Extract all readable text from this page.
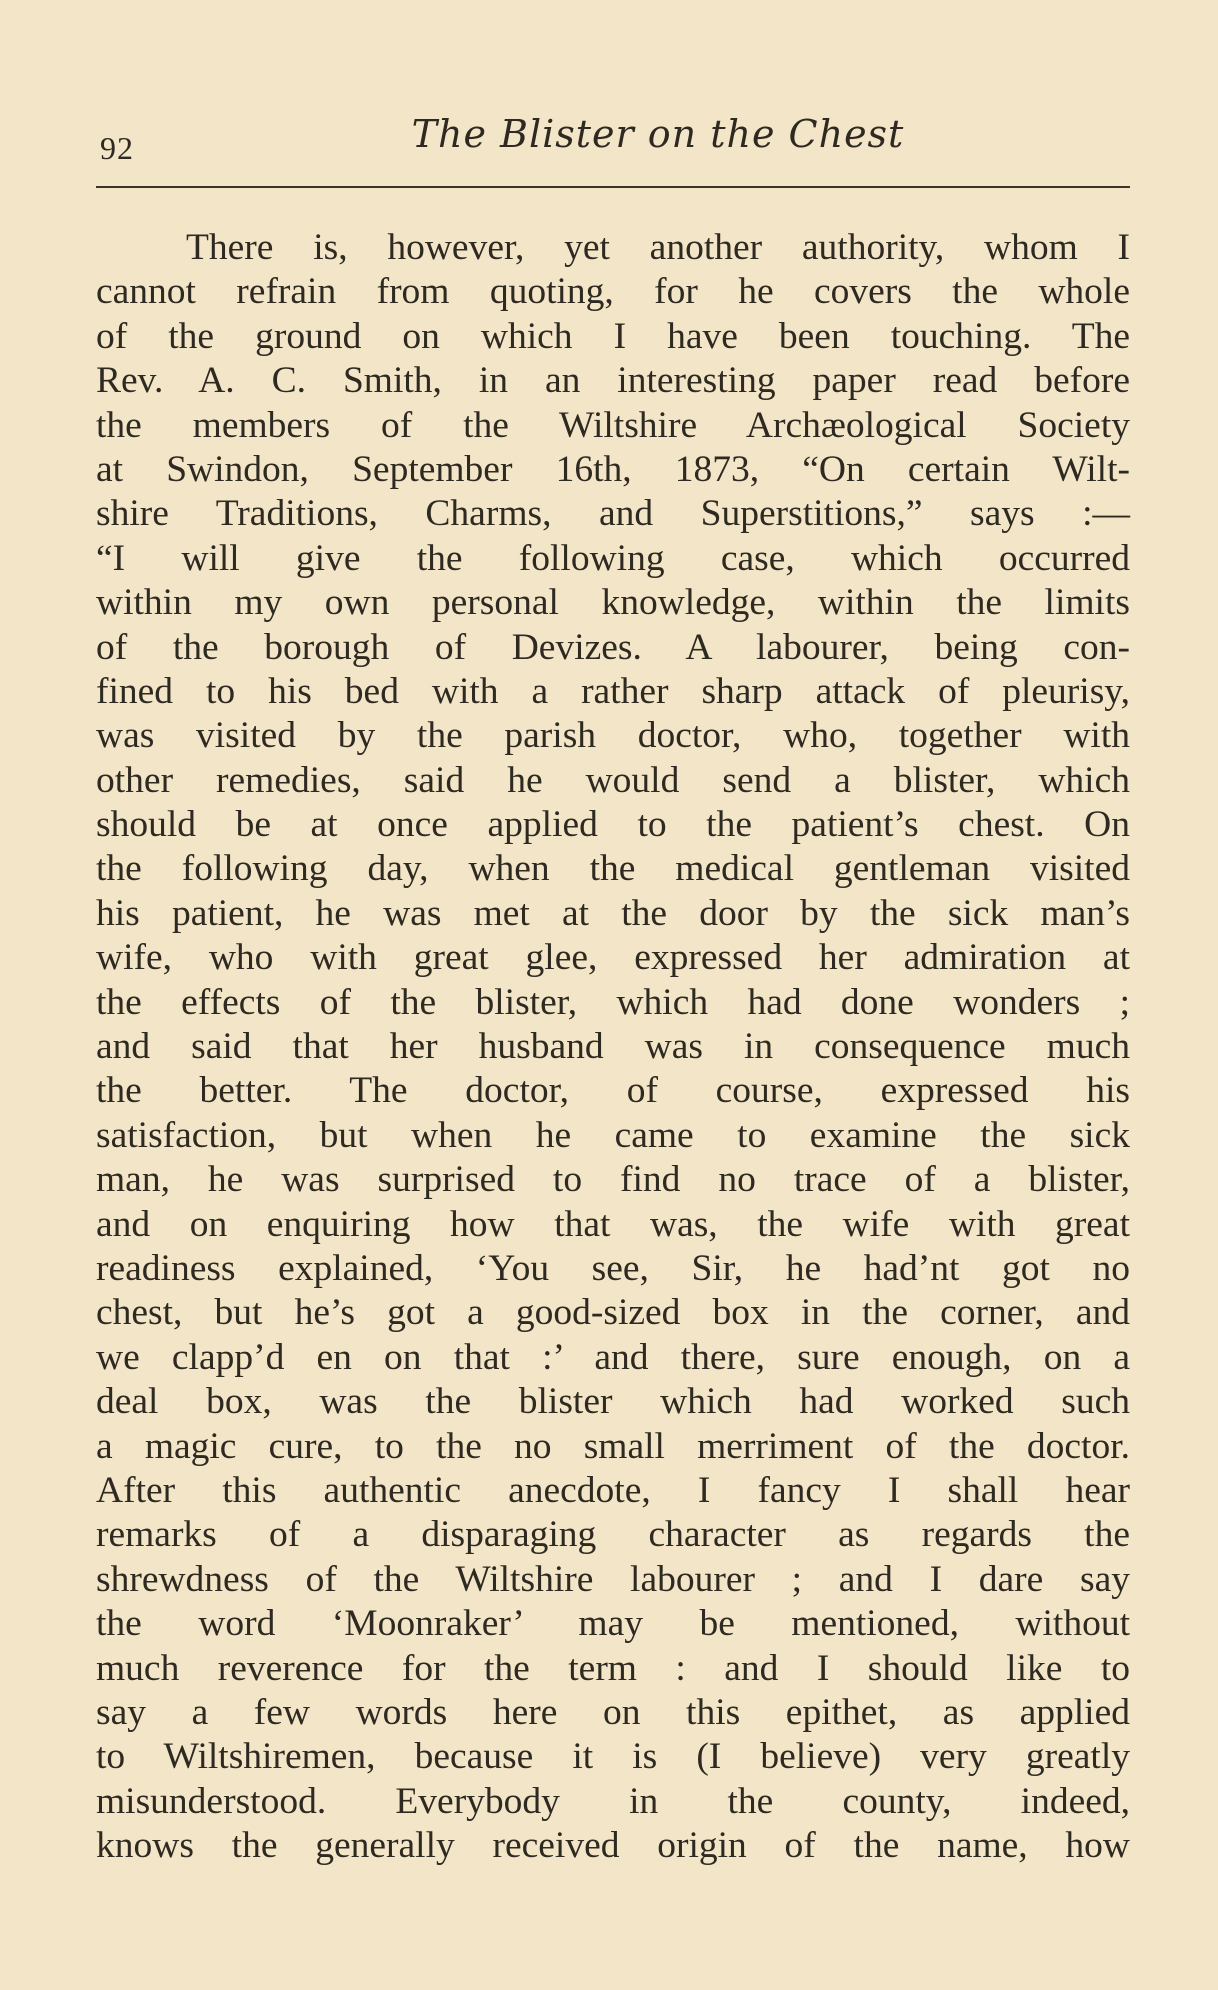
92	The Blister on the Chest
There is, however, yet another authority, whom I
cannot refrain from quoting, for he covers the whole
of the ground on which I have been touching. The
Rev. A. C. Smith, in an interesting paper read before
the members of the Wiltshire Archæological Society
at Swindon, September 16th, 1873, “On certain Wilt-
shire Traditions, Charms, and Superstitions,” says :—
“I will give the following case, which occurred
within my own personal knowledge, within the limits
of the borough of Devizes. A labourer, being con-
fined to his bed with a rather sharp attack of pleurisy,
was visited by the parish doctor, who, together with
other remedies, said he would send a blister, which
should be at once applied to the patient’s chest. On
the following day, when the medical gentleman visited
his patient, he was met at the door by the sick man’s
wife, who with great glee, expressed her admiration at
the effects of the blister, which had done wonders ;
and said that her husband was in consequence much
the better. The doctor, of course, expressed his
satisfaction, but when he came to examine the sick
man, he was surprised to find no trace of a blister,
and on enquiring how that was, the wife with great
readiness explained, ‘You see, Sir, he had’nt got no
chest, but he’s got a good-sized box in the corner, and
we clapp’d en on that :’ and there, sure enough, on a
deal box, was the blister which had worked such
a magic cure, to the no small merriment of the doctor.
After this authentic anecdote, I fancy I shall hear
remarks of a disparaging character as regards the
shrewdness of the Wiltshire labourer ; and I dare say
the word ‘Moonraker’ may be mentioned, without
much reverence for the term : and I should like to
say a few words here on this epithet, as applied
to Wiltshiremen, because it is (I believe) very greatly
misunderstood. Everybody in the county, indeed,
knows the generally received origin of the name, how
